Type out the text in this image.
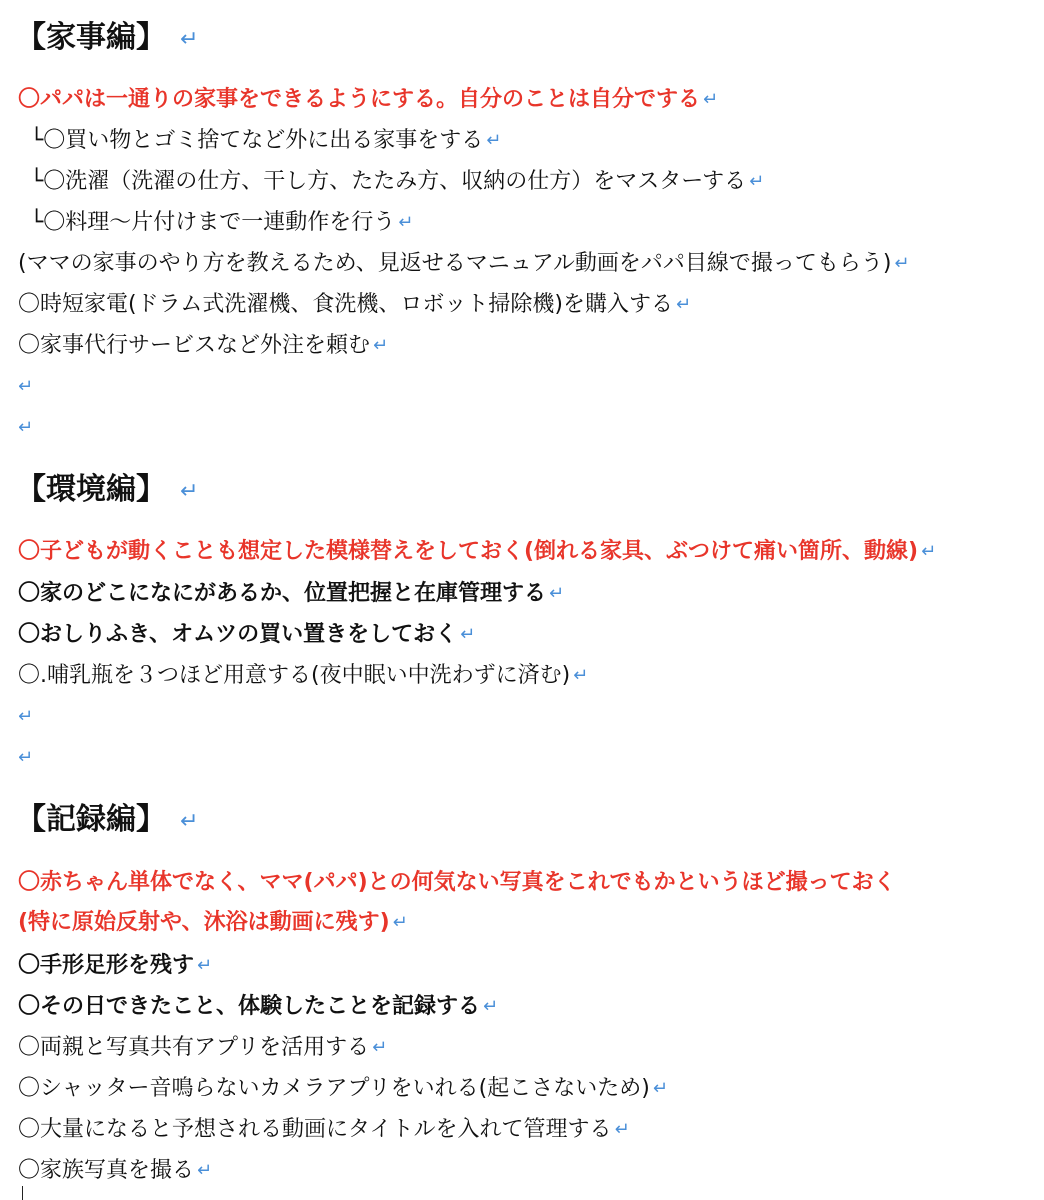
【家事編】 ↵
〇パパは一通りの家事をできるようにする。自分のことは自分でする ↵
└〇買い物とゴミ捨てなど外に出る家事をする ↵
└〇洗濯（洗濯の仕方、干し方、たたみ方、収納の仕方）をマスターする ↵
└〇料理〜片付けまで一連動作を行う ↵
(ママの家事のやり方を教えるため、見返せるマニュアル動画をパパ目線で撮ってもらう) ↵
〇時短家電(ドラム式洗濯機、食洗機、ロボット掃除機)を購入する ↵
〇家事代行サービスなど外注を頼む ↵
↵
↵
【環境編】 ↵
〇子どもが動くことも想定した模様替えをしておく(倒れる家具、ぶつけて痛い箇所、動線) ↵
〇家のどこになにがあるか、位置把握と在庫管理する ↵
〇おしりふき、オムツの買い置きをしておく ↵
〇.哺乳瓶を３つほど用意する(夜中眠い中洗わずに済む) ↵
↵
↵
【記録編】 ↵
〇赤ちゃん単体でなく、ママ(パパ)との何気ない写真をこれでもかというほど撮っておく
(特に原始反射や、沐浴は動画に残す) ↵
〇手形足形を残す ↵
〇その日できたこと、体験したことを記録する ↵
〇両親と写真共有アプリを活用する ↵
〇シャッター音鳴らないカメラアプリをいれる(起こさないため) ↵
〇大量になると予想される動画にタイトルを入れて管理する ↵
〇家族写真を撮る ↵
